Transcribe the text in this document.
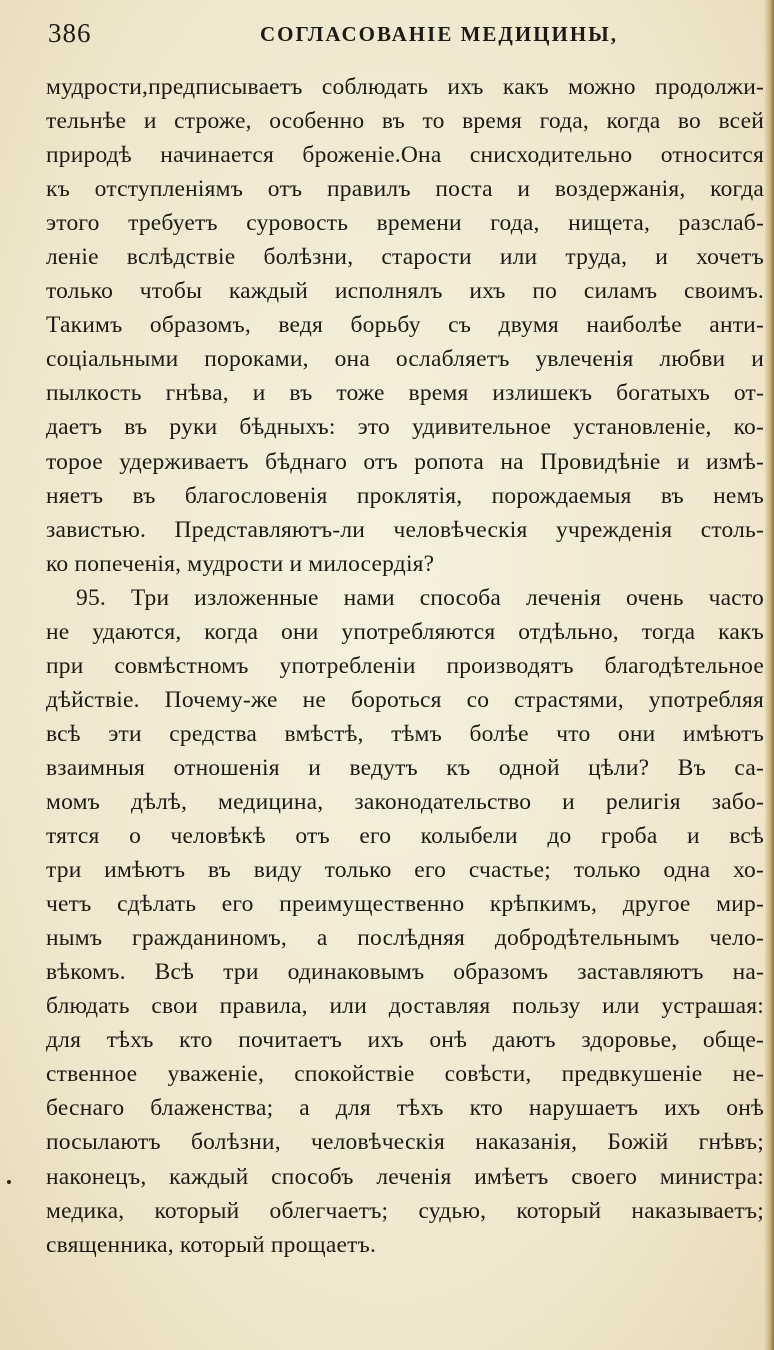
386	СОГЛАСОВАНІЕ МЕДИЦИНЫ,
мудрости,предписываетъ соблюдать ихъ какъ можно продолжи-
тельнѣе и строже, особенно въ то время года, когда во всей
природѣ начинается броженіе.Она снисходительно относится
къ отступленіямъ отъ правилъ поста и воздержанія, когда
этого требуетъ суровость времени года, нищета, разслаб-
леніе вслѣдствіе болѣзни, старости или труда, и хочетъ
только чтобы каждый исполнялъ ихъ по силамъ своимъ.
Такимъ образомъ, ведя борьбу съ двумя наиболѣе анти-
соціальными пороками, она ослабляетъ увлеченія любви и
пылкость гнѣва, и въ тоже время излишекъ богатыхъ от-
даетъ въ руки бѣдныхъ: это удивительное установленіе, ко-
торое удерживаетъ бѣднаго отъ ропота на Провидѣніе и измѣ-
няетъ въ благословенія проклятія, порождаемыя въ немъ
завистью. Представляютъ-ли человѣческія учрежденія столь-
ко попеченія, мудрости и милосердія?
95. Три изложенные нами способа леченія очень часто
не удаются, когда они употребляются отдѣльно, тогда какъ
при совмѣстномъ употребленіи производятъ благодѣтельное
дѣйствіе. Почему-же не бороться со страстями, употребляя
всѣ эти средства вмѣстѣ, тѣмъ болѣе что они имѣютъ
взаимныя отношенія и ведутъ къ одной цѣли? Въ са-
момъ дѣлѣ, медицина, законодательство и религія забо-
тятся о человѣкѣ отъ его колыбели до гроба и всѣ
три имѣютъ въ виду только его счастье; только одна хо-
четъ сдѣлать его преимущественно крѣпкимъ, другое мир-
нымъ гражданиномъ, а послѣдняя добродѣтельнымъ чело-
вѣкомъ. Всѣ три одинаковымъ образомъ заставляютъ на-
блюдать свои правила, или доставляя пользу или устрашая:
для тѣхъ кто почитаетъ ихъ онѣ даютъ здоровье, обще-
ственное уваженіе, спокойствіе совѣсти, предвкушеніе не-
беснаго блаженства; а для тѣхъ кто нарушаетъ ихъ онѣ
посылаютъ болѣзни, человѣческія наказанія, Божій гнѣвъ;
наконецъ, каждый способъ леченія имѣетъ своего министра:
медика, который облегчаетъ; судью, который наказываетъ;
священника, который прощаетъ.
